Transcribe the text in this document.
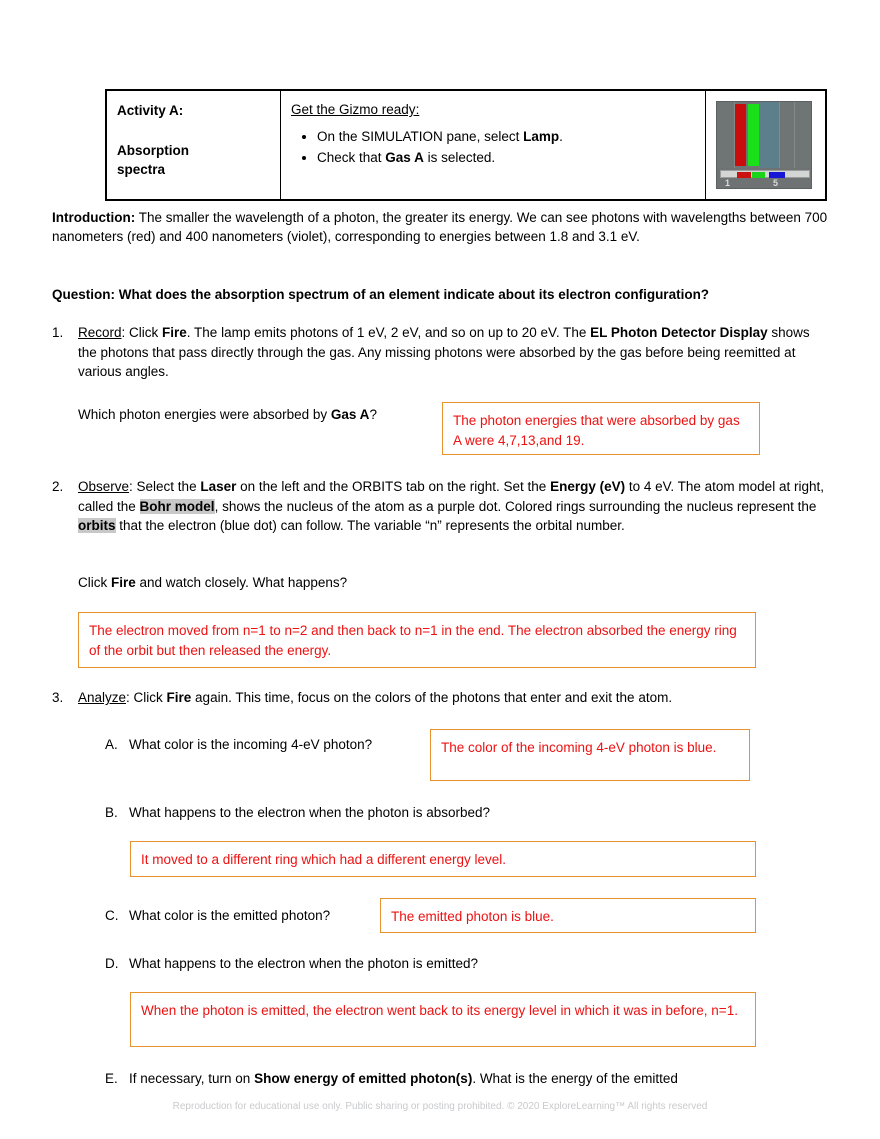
Activity A:

Absorption

spectra

Get the Gizmo ready:

• On the SIMULATION pane, select Lamp.
• Check that Gas A is selected.

1	5
Introduction: The smaller the wavelength of a photon, the greater its energy. We can see photons with wavelengths between 700 nanometers (red) and 400 nanometers (violet), corresponding to energies between 1.8 and 3.1 eV.
Question: What does the absorption spectrum of an element indicate about its electron configuration?
1.	Record: Click Fire. The lamp emits photons of 1 eV, 2 eV, and so on up to 20 eV. The EL Photon Detector Display shows the photons that pass directly through the gas. Any missing photons were absorbed by the gas before being reemitted at various angles.
Which photon energies were absorbed by Gas A?	The photon energies that were absorbed by gas A were 4,7,13,and 19.
2.	Observe: Select the Laser on the left and the ORBITS tab on the right. Set the Energy (eV) to 4 eV. The atom model at right, called the Bohr model, shows the nucleus of the atom as a purple dot. Colored rings surrounding the nucleus represent the orbits that the electron (blue dot) can follow. The variable “n” represents the orbital number.
Click Fire and watch closely. What happens?
The electron moved from n=1 to n=2 and then back to n=1 in the end. The electron absorbed the energy ring of the orbit but then released the energy.
3.	Analyze: Click Fire again. This time, focus on the colors of the photons that enter and exit the atom.
A. What color is the incoming 4-eV photon?	The color of the incoming 4-eV photon is blue.
B. What happens to the electron when the photon is absorbed?
It moved to a different ring which had a different energy level.
C. What color is the emitted photon?	The emitted photon is blue.
D. What happens to the electron when the photon is emitted?
When the photon is emitted, the electron went back to its energy level in which it was in before, n=1.
E. If necessary, turn on Show energy of emitted photon(s). What is the energy of the emitted
Reproduction for educational use only. Public sharing or posting prohibited. © 2020 ExploreLearning™ All rights reserved
